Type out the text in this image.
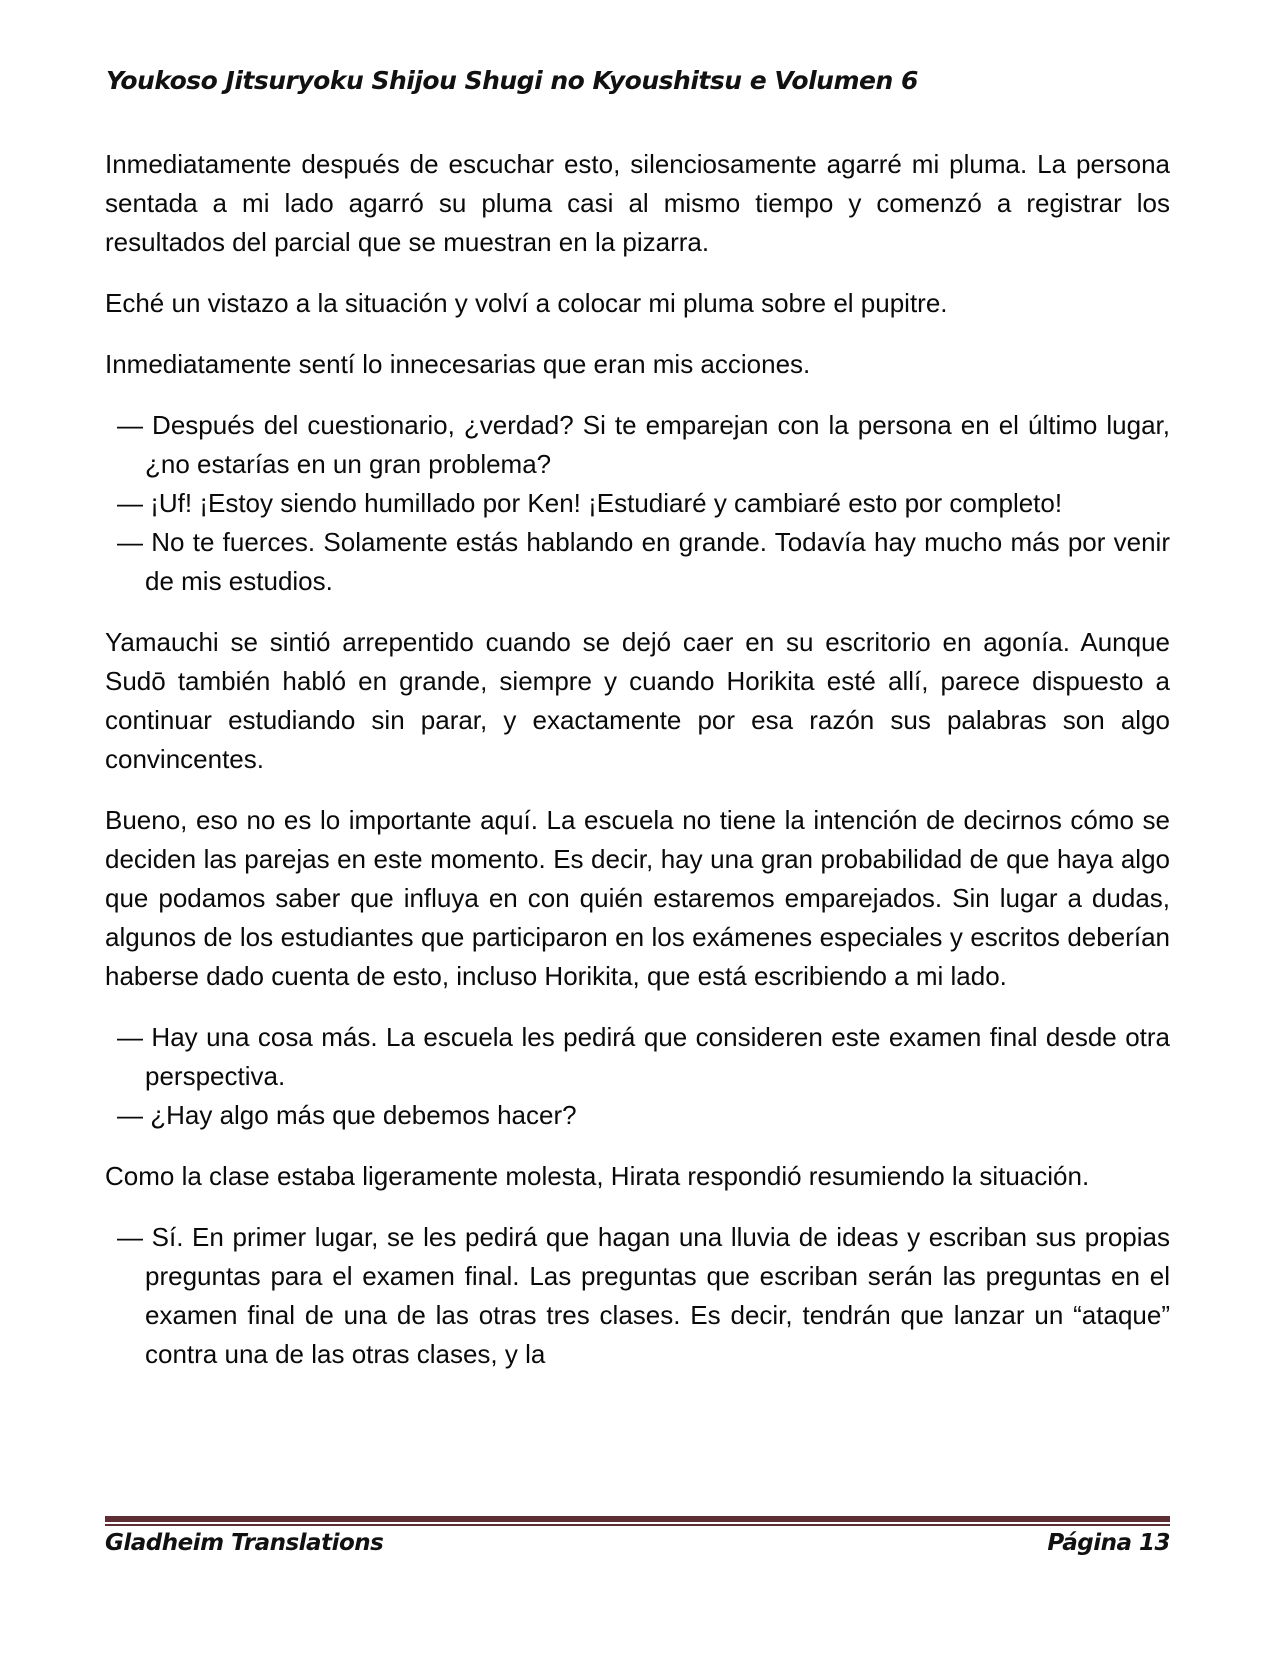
Youkoso Jitsuryoku Shijou Shugi no Kyoushitsu e Volumen 6
Inmediatamente después de escuchar esto, silenciosamente agarré mi pluma. La persona sentada a mi lado agarró su pluma casi al mismo tiempo y comenzó a registrar los resultados del parcial que se muestran en la pizarra.
Eché un vistazo a la situación y volví a colocar mi pluma sobre el pupitre.
Inmediatamente sentí lo innecesarias que eran mis acciones.
— Después del cuestionario, ¿verdad? Si te emparejan con la persona en el último lugar, ¿no estarías en un gran problema?
— ¡Uf! ¡Estoy siendo humillado por Ken! ¡Estudiaré y cambiaré esto por completo!
— No te fuerces. Solamente estás hablando en grande. Todavía hay mucho más por venir de mis estudios.
Yamauchi se sintió arrepentido cuando se dejó caer en su escritorio en agonía. Aunque Sudō también habló en grande, siempre y cuando Horikita esté allí, parece dispuesto a continuar estudiando sin parar, y exactamente por esa razón sus palabras son algo convincentes.
Bueno, eso no es lo importante aquí. La escuela no tiene la intención de decirnos cómo se deciden las parejas en este momento. Es decir, hay una gran probabilidad de que haya algo que podamos saber que influya en con quién estaremos emparejados. Sin lugar a dudas, algunos de los estudiantes que participaron en los exámenes especiales y escritos deberían haberse dado cuenta de esto, incluso Horikita, que está escribiendo a mi lado.
— Hay una cosa más. La escuela les pedirá que consideren este examen final desde otra perspectiva.
— ¿Hay algo más que debemos hacer?
Como la clase estaba ligeramente molesta, Hirata respondió resumiendo la situación.
— Sí. En primer lugar, se les pedirá que hagan una lluvia de ideas y escriban sus propias preguntas para el examen final. Las preguntas que escriban serán las preguntas en el examen final de una de las otras tres clases. Es decir, tendrán que lanzar un “ataque” contra una de las otras clases, y la
Gladheim Translations	Página 13
